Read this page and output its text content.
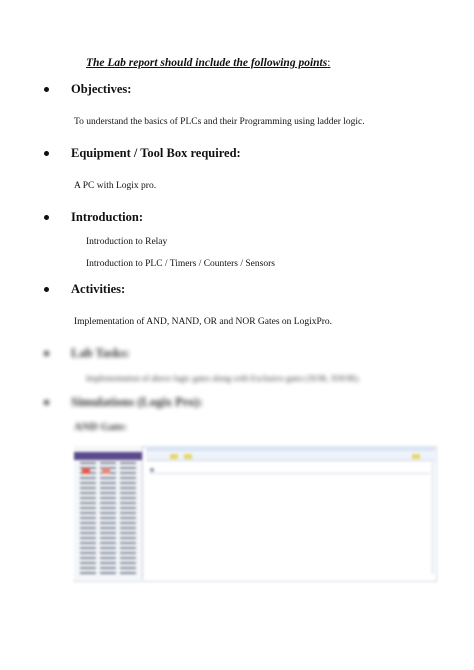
The Lab report should include the following points:
Objectives:
To understand the basics of PLCs and their Programming using ladder logic.
Equipment / Tool Box required:
A PC with Logix pro.
Introduction:
Introduction to Relay
Introduction to PLC / Timers / Counters / Sensors
Activities:
Implementation of AND, NAND, OR and NOR Gates on LogixPro.
Lab Tasks:
Implementation of above logic gates along with Exclusive gates (XOR, XNOR).
Simulations (Logix Pro):
AND Gate:
